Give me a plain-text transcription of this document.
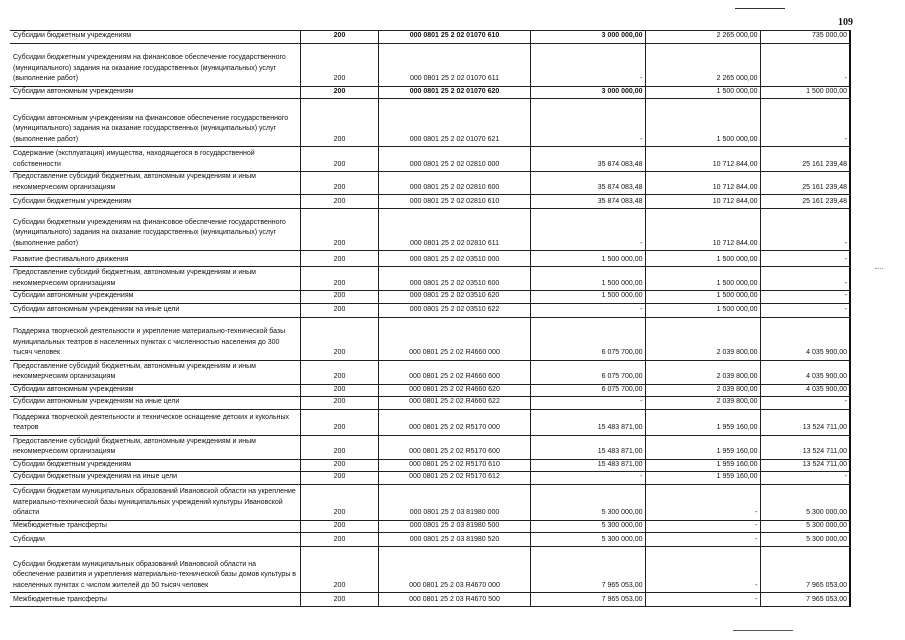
109
Субсидии бюджетным учреждениям	200	000 0801 25 2 02 01070 610	3 000 000,00	2 265 000,00	735 000,00
Субсидии бюджетным учреждениям на финансовое обеспечение государственного (муниципального) задания на оказание государственных (муниципальных) услуг (выполнение работ)	200	000 0801 25 2 02 01070 611	-	2 265 000,00	-
Субсидии автономным учреждениям	200	000 0801 25 2 02 01070 620	3 000 000,00	1 500 000,00	1 500 000,00
Субсидии автономным учреждениям на финансовое обеспечение государственного (муниципального) задания на оказание государственных (муниципальных) услуг (выполнение работ)	200	000 0801 25 2 02 01070 621	-	1 500 000,00	-
Содержание (эксплуатация) имущества, находящегося в государственной собственности	200	000 0801 25 2 02 02810 000	35 874 083,48	10 712 844,00	25 161 239,48
Предоставление субсидий бюджетным, автономным учреждениям и иным некоммерческим организациям	200	000 0801 25 2 02 02810 600	35 874 083,48	10 712 844,00	25 161 239,48
Субсидии бюджетным учреждениям	200	000 0801 25 2 02 02810 610	35 874 083,48	10 712 844,00	25 161 239,48
Субсидии бюджетным учреждениям на финансовое обеспечение государственного (муниципального) задания на оказание государственных (муниципальных) услуг (выполнение работ)	200	000 0801 25 2 02 02810 611	-	10 712 844,00	-
Развитие фестивального движения	200	000 0801 25 2 02 03510 000	1 500 000,00	1 500 000,00	-
Предоставление субсидий бюджетным, автономным учреждениям и иным некоммерческим организациям	200	000 0801 25 2 02 03510 600	1 500 000,00	1 500 000,00	-
Субсидии автономным учреждениям	200	000 0801 25 2 02 03510 620	1 500 000,00	1 500 000,00	-
Субсидии автономным учреждениям на иные цели	200	000 0801 25 2 02 03510 622	-	1 500 000,00	-
Поддержка творческой деятельности и укрепление материально-технической базы муниципальных театров в населенных пунктах с численностью населения до 300 тысяч человек	200	000 0801 25 2 02 R4660 000	6 075 700,00	2 039 800,00	4 035 900,00
Предоставление субсидий бюджетным, автономным учреждениям и иным некоммерческим организациям	200	000 0801 25 2 02 R4660 600	6 075 700,00	2 039 800,00	4 035 900,00
Субсидии автономным учреждениям	200	000 0801 25 2 02 R4660 620	6 075 700,00	2 039 800,00	4 035 900,00
Субсидии автономным учреждениям на иные цели	200	000 0801 25 2 02 R4660 622	-	2 039 800,00	-
Поддержка творческой деятельности и техническое оснащение детских и кукольных театров	200	000 0801 25 2 02 R5170 000	15 483 871,00	1 959 160,00	13 524 711,00
Предоставление субсидий бюджетным, автономным учреждениям и иным некоммерческим организациям	200	000 0801 25 2 02 R5170 600	15 483 871,00	1 959 160,00	13 524 711,00
Субсидии бюджетным учреждениям	200	000 0801 25 2 02 R5170 610	15 483 871,00	1 959 160,00	13 524 711,00
Субсидии бюджетным учреждениям на иные цели	200	000 0801 25 2 02 R5170 612	-	1 959 160,00	-
Субсидии бюджетам муниципальных образований Ивановской области на укрепление материально-технической базы муниципальных учреждений культуры Ивановской области	200	000 0801 25 2 03 81980 000	5 300 000,00	-	5 300 000,00
Межбюджетные трансферты	200	000 0801 25 2 03 81980 500	5 300 000,00	-	5 300 000,00
Субсидии	200	000 0801 25 2 03 81980 520	5 300 000,00	-	5 300 000,00
Субсидии бюджетам муниципальных образований Ивановской области на обеспечение развития и укрепления материально-технической базы домов культуры в населенных пунктах с числом жителей до 50 тысяч человек	200	000 0801 25 2 03 R4670 000	7 965 053,00	-	7 965 053,00
Межбюджетные трансферты	200	000 0801 25 2 03 R4670 500	7 965 053,00	-	7 965 053,00
